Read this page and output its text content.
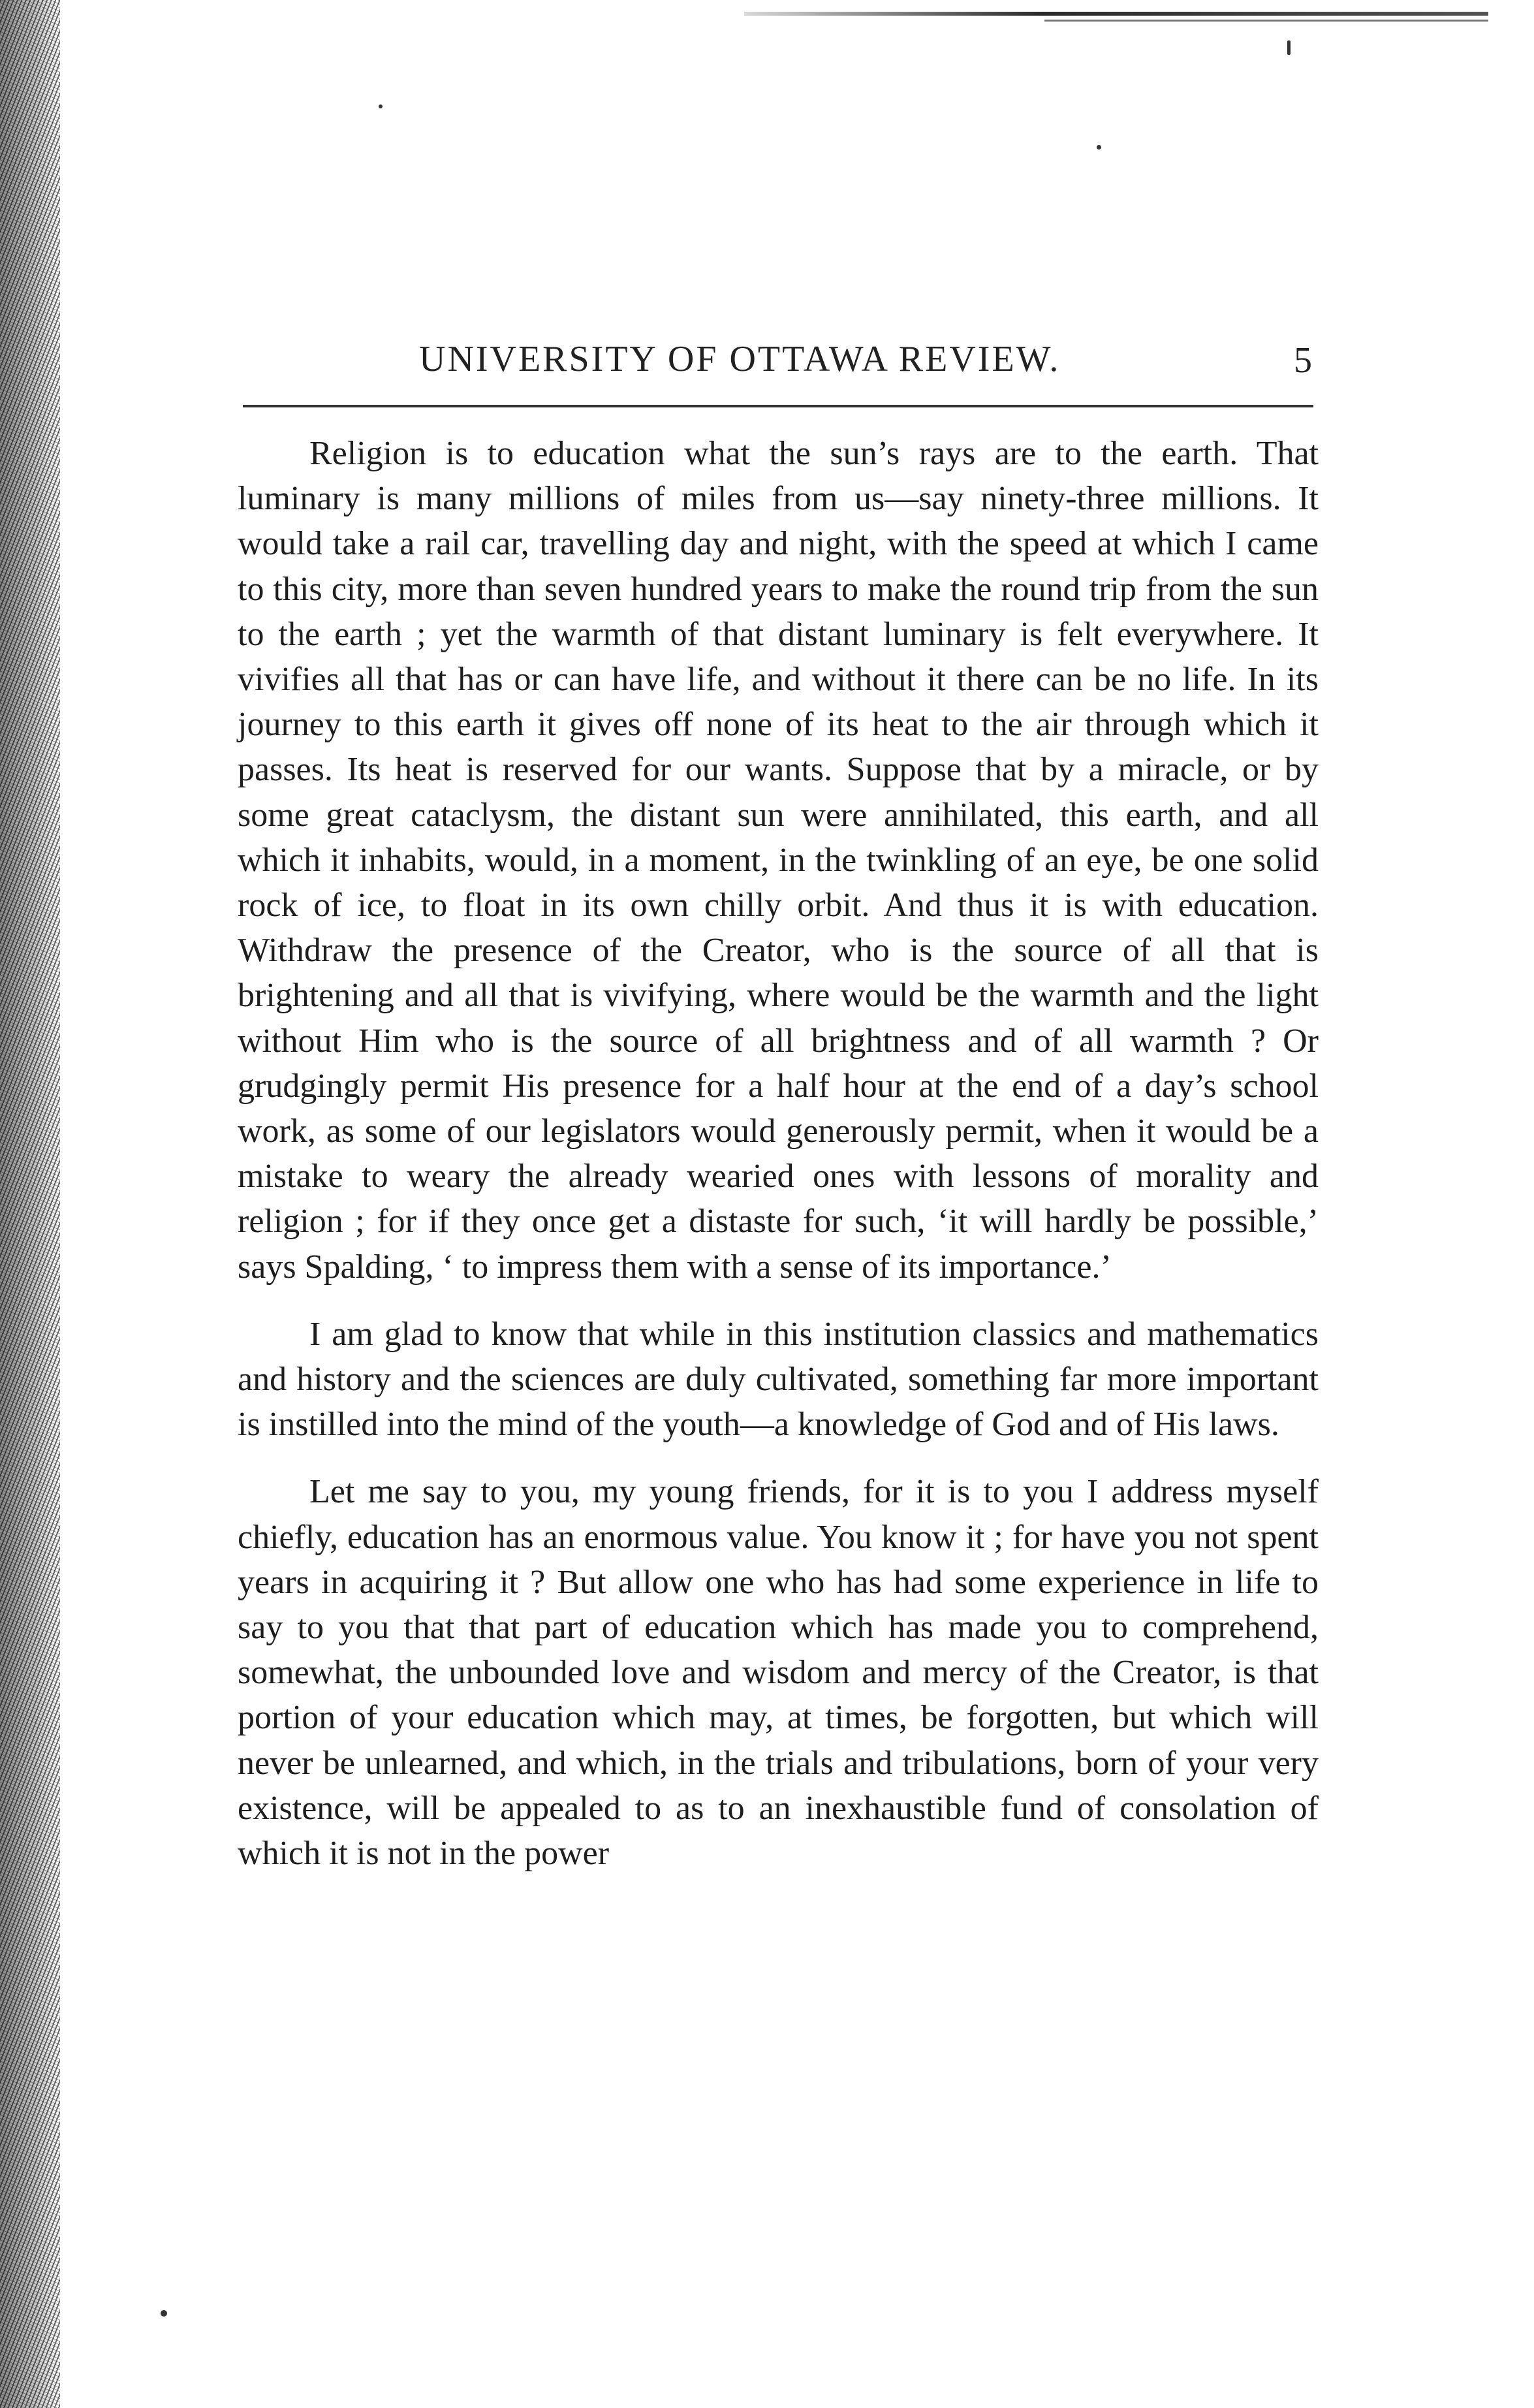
UNIVERSITY OF OTTAWA REVIEW.	5

Religion is to education what the sun’s rays are to the earth. That luminary is many millions of miles from us—say ninety-three millions. It would take a rail car, travelling day and night, with the speed at which I came to this city, more than seven hundred years to make the round trip from the sun to the earth ; yet the warmth of that distant luminary is felt everywhere. It vivifies all that has or can have life, and without it there can be no life. In its journey to this earth it gives off none of its heat to the air through which it passes. Its heat is reserved for our wants. Suppose that by a miracle, or by some great cataclysm, the distant sun were annihilated, this earth, and all which it inhabits, would, in a moment, in the twinkling of an eye, be one solid rock of ice, to float in its own chilly orbit. And thus it is with education. Withdraw the presence of the Creator, who is the source of all that is brightening and all that is vivifying, where would be the warmth and the light without Him who is the source of all brightness and of all warmth ? Or grudgingly permit His presence for a half hour at the end of a day’s school work, as some of our legislators would generously permit, when it would be a mistake to weary the already wearied ones with lessons of morality and religion ; for if they once get a distaste for such, ‘it will hardly be possible,’ says Spalding, ‘ to impress them with a sense of its importance.’

I am glad to know that while in this institution classics and mathematics and history and the sciences are duly cultivated, something far more important is instilled into the mind of the youth—a knowledge of God and of His laws.

Let me say to you, my young friends, for it is to you I address myself chiefly, education has an enormous value. You know it ; for have you not spent years in acquiring it ? But allow one who has had some experience in life to say to you that that part of education which has made you to comprehend, somewhat, the unbounded love and wisdom and mercy of the Creator, is that portion of your education which may, at times, be forgotten, but which will never be unlearned, and which, in the trials and tribulations, born of your very existence, will be appealed to as to an inexhaustible fund of consolation of which it is not in the power
